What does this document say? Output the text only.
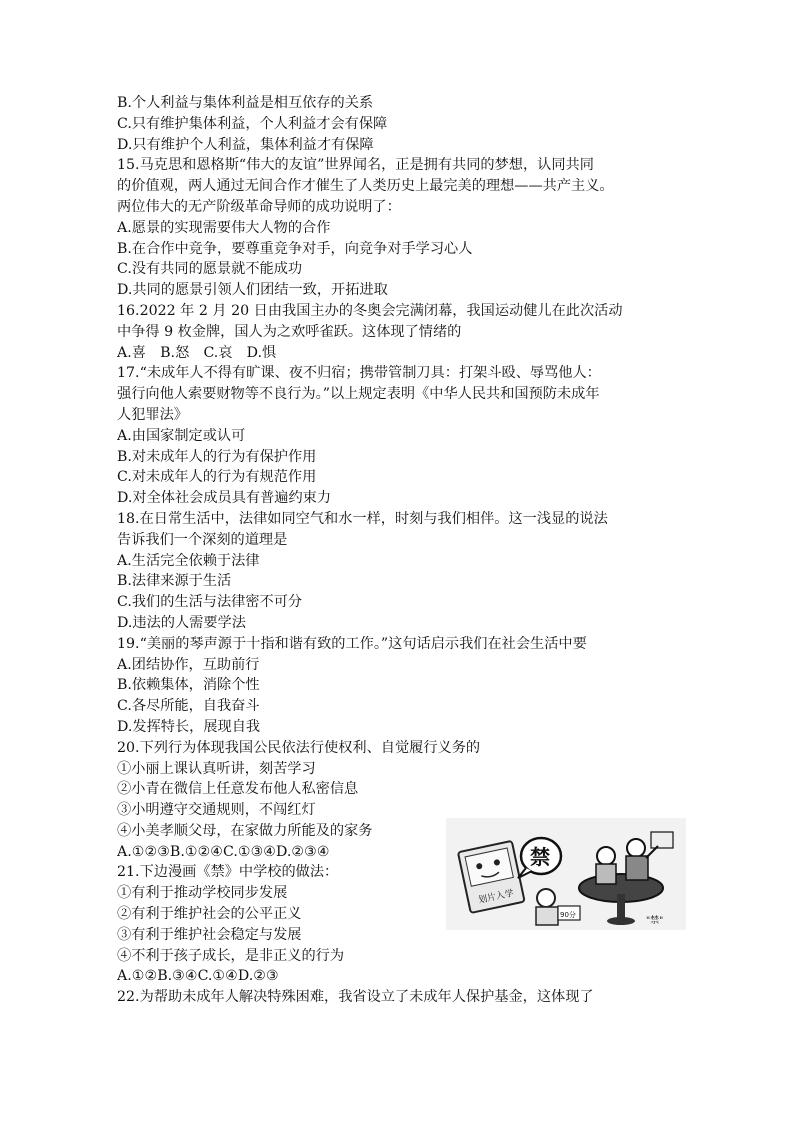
B.个人利益与集体利益是相互依存的关系
C.只有维护集体利益，个人利益才会有保障
D.只有维护个人利益，集体利益才有保障
15.马克思和恩格斯“伟大的友谊”世界闻名，正是拥有共同的梦想，认同共同
的价值观，两人通过无间合作才催生了人类历史上最完美的理想——共产主义。
两位伟大的无产阶级革命导师的成功说明了：
A.愿景的实现需要伟大人物的合作
B.在合作中竞争，要尊重竞争对手，向竞争对手学习心人
C.没有共同的愿景就不能成功
D.共同的愿景引领人们团结一致，开拓进取
16.2022 年 2 月 20 日由我国主办的冬奥会完满闭幕，我国运动健儿在此次活动
中争得 9 枚金牌，国人为之欢呼雀跃。这体现了情绪的
A.喜　B.怒　C.哀　D.惧
17.“未成年人不得有旷课、夜不归宿；携带管制刀具：打架斗殴、辱骂他人：
强行向他人索要财物等不良行为。”以上规定表明《中华人民共和国预防未成年
人犯罪法》
A.由国家制定或认可
B.对未成年人的行为有保护作用
C.对未成年人的行为有规范作用
D.对全体社会成员具有普遍约束力
18.在日常生活中，法律如同空气和水一样，时刻与我们相伴。这一浅显的说法
告诉我们一个深刻的道理是
A.生活完全依赖于法律
B.法律来源于生活
C.我们的生活与法律密不可分
D.违法的人需要学法
19.“美丽的琴声源于十指和谐有致的工作。”这句话启示我们在社会生活中要
A.团结协作，互助前行
B.依赖集体，消除个性
C.各尽所能，自我奋斗
D.发挥特长，展现自我
20.下列行为体现我国公民依法行使权利、自觉履行义务的
①小丽上课认真听讲，刻苦学习
②小青在微信上任意发布他人私密信息
③小明遵守交通规则，不闯红灯
④小美孝顺父母，在家做力所能及的家务
A.①②③B.①②④C.①③④D.②③④
21.下边漫画《禁》中学校的做法：
①有利于推动学校同步发展
②有利于维护社会的公平正义
③有利于维护社会稳定与发展
④不利于孩子成长，是非正义的行为
A.①②B.③④C.①④D.②③
22.为帮助未成年人解决特殊困难，我省设立了未成年人保护基金，这体现了
划片入学
禁
90分
"禁"
